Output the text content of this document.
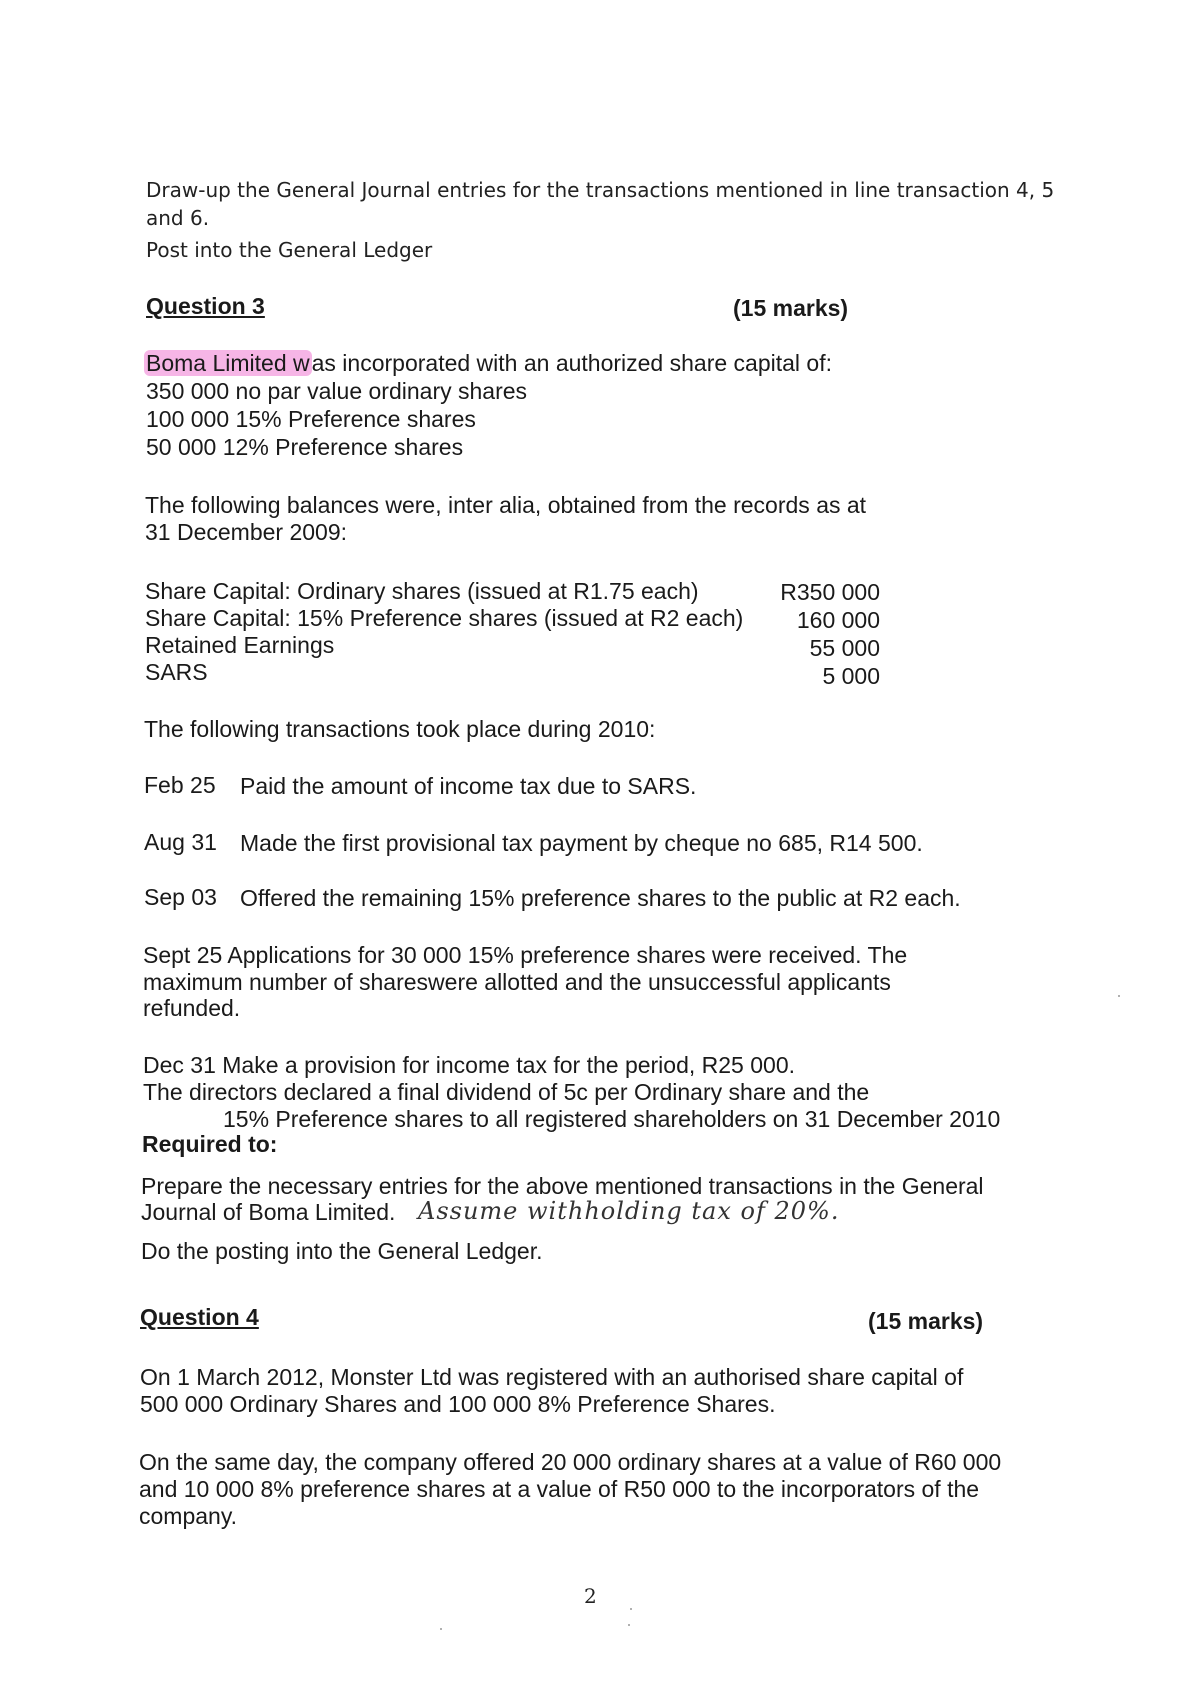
Draw-up the General Journal entries for the transactions mentioned in line transaction 4, 5
and 6.
Post into the General Ledger
Question 3	(15 marks)
Boma Limited was incorporated with an authorized share capital of:
350 000 no par value ordinary shares
100 000 15% Preference shares
50 000 12% Preference shares
The following balances were, inter alia, obtained from the records as at
31 December 2009:
Share Capital: Ordinary shares (issued at R1.75 each)	R350 000
Share Capital: 15% Preference shares (issued at R2 each)	160 000
Retained Earnings	55 000
SARS	5 000
The following transactions took place during 2010:
Feb 25 Paid the amount of income tax due to SARS.
Aug 31 Made the first provisional tax payment by cheque no 685, R14 500.
Sep 03 Offered the remaining 15% preference shares to the public at R2 each.
Sept 25 Applications for 30 000 15% preference shares were received. The
maximum number of shareswere allotted and the unsuccessful applicants
refunded.
Dec 31 Make a provision for income tax for the period, R25 000.
The directors declared a final dividend of 5c per Ordinary share and the
15% Preference shares to all registered shareholders on 31 December 2010
Required to:
Prepare the necessary entries for the above mentioned transactions in the General
Journal of Boma Limited. Assume withholding tax of 20%.
Do the posting into the General Ledger.
Question 4	(15 marks)
On 1 March 2012, Monster Ltd was registered with an authorised share capital of
500 000 Ordinary Shares and 100 000 8% Preference Shares.
On the same day, the company offered 20 000 ordinary shares at a value of R60 000
and 10 000 8% preference shares at a value of R50 000 to the incorporators of the
company.
2
